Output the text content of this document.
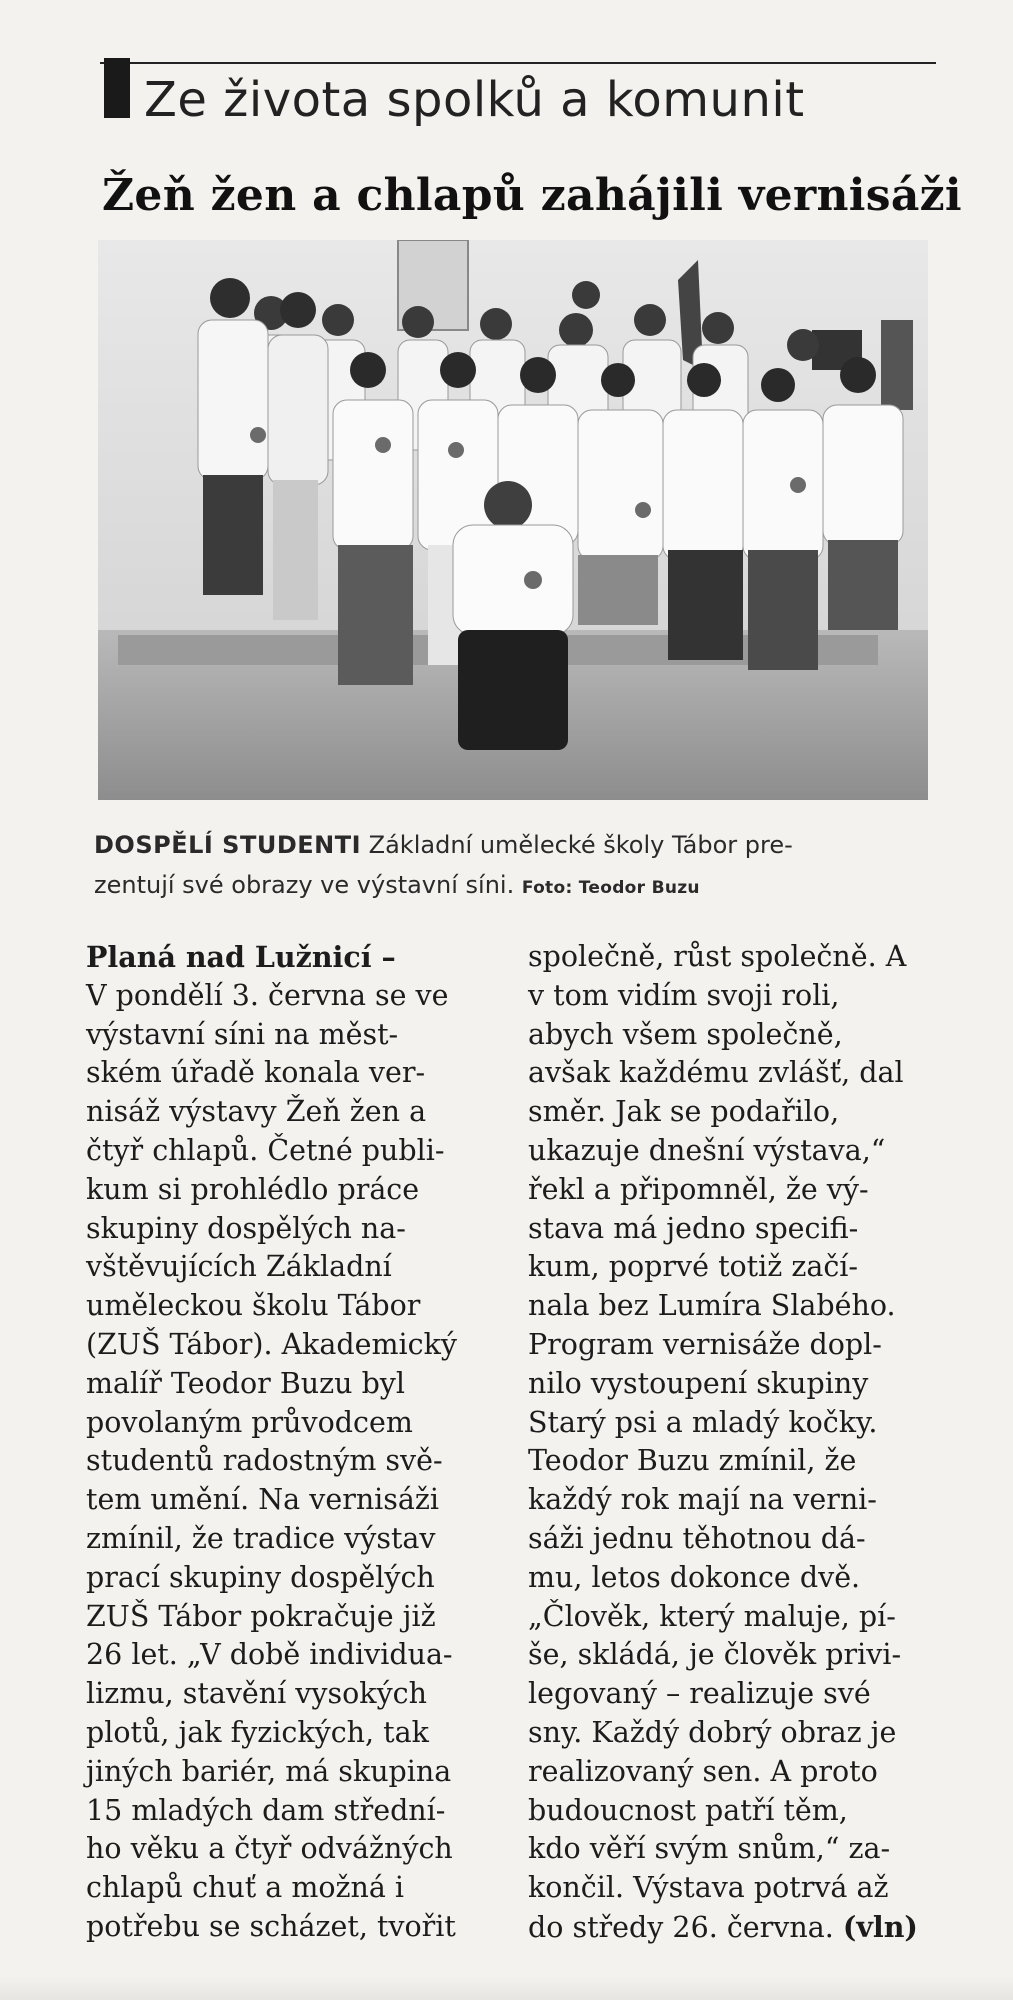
Ze života spolků a komunit
Žeň žen a chlapů zahájili vernisáži
DOSPĚLÍ STUDENTI Základní umělecké školy Tábor pre-
zentují své obrazy ve výstavní síni. Foto: Teodor Buzu
Planá nad Lužnicí –
V pondělí 3. června se ve
výstavní síni na měst-
ském úřadě konala ver-
nisáž výstavy Žeň žen a
čtyř chlapů. Četné publi-
kum si prohlédlo práce
skupiny dospělých na-
vštěvujících Základní
uměleckou školu Tábor
(ZUŠ Tábor). Akademický
malíř Teodor Buzu byl
povolaným průvodcem
studentů radostným svě-
tem umění. Na vernisáži
zmínil, že tradice výstav
prací skupiny dospělých
ZUŠ Tábor pokračuje již
26 let. „V době individua-
lizmu, stavění vysokých
plotů, jak fyzických, tak
jiných bariér, má skupina
15 mladých dam střední-
ho věku a čtyř odvážných
chlapů chuť a možná i
potřebu se scházet, tvořit
společně, růst společně. A
v tom vidím svoji roli,
abych všem společně,
avšak každému zvlášť, dal
směr. Jak se podařilo,
ukazuje dnešní výstava,“
řekl a připomněl, že vý-
stava má jedno specifi-
kum, poprvé totiž začí-
nala bez Lumíra Slabého.
Program vernisáže dopl-
nilo vystoupení skupiny
Starý psi a mladý kočky.
Teodor Buzu zmínil, že
každý rok mají na verni-
sáži jednu těhotnou dá-
mu, letos dokonce dvě.
„Člověk, který maluje, pí-
še, skládá, je člověk privi-
legovaný – realizuje své
sny. Každý dobrý obraz je
realizovaný sen. A proto
budoucnost patří těm,
kdo věří svým snům,“ za-
končil. Výstava potrvá až
do středy 26. června. (vln)
